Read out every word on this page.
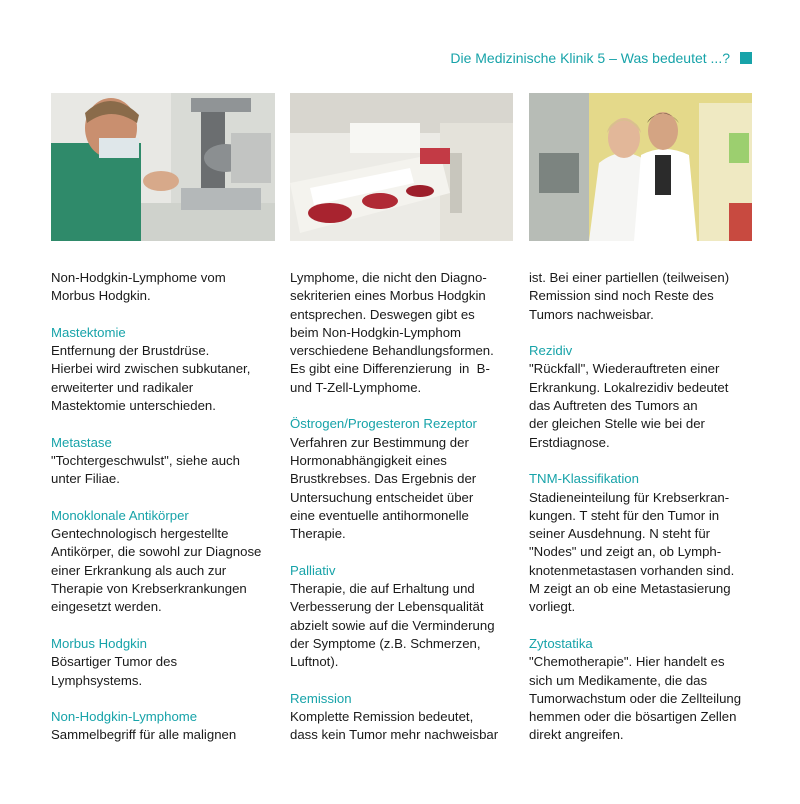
Die Medizinische Klinik 5 – Was bedeutet ...?

Non-Hodgkin-Lymphome vom

Morbus Hodgkin.

Mastektomie

Entfernung der Brustdrüse.

Hierbei wird zwischen subkutaner,

erweiterter und radikaler

Mastektomie unterschieden.

Metastase

"Tochtergeschwulst", siehe auch

unter Filiae.

Monoklonale Antikörper

Gentechnologisch hergestellte

Antikörper, die sowohl zur Diagnose

einer Erkrankung als auch zur

Therapie von Krebserkrankungen

eingesetzt werden.

Morbus Hodgkin

Bösartiger Tumor des

Lymphsystems.

Non-Hodgkin-Lymphome

Sammelbegriff für alle malignen

Lymphome, die nicht den Diagno-

sekriterien eines Morbus Hodgkin

entsprechen. Deswegen gibt es

beim Non-Hodgkin-Lymphom

verschiedene Behandlungsformen.

Es gibt eine Differenzierung  in  B-

und T-Zell-Lymphome.

Östrogen/Progesteron Rezeptor

Verfahren zur Bestimmung der

Hormonabhängigkeit eines

Brustkrebses. Das Ergebnis der

Untersuchung entscheidet über

eine eventuelle antihormonelle

Therapie.

Palliativ

Therapie, die auf Erhaltung und

Verbesserung der Lebensqualität

abzielt sowie auf die Verminderung

der Symptome (z.B. Schmerzen,

Luftnot).

Remission

Komplette Remission bedeutet,

dass kein Tumor mehr nachweisbar

ist. Bei einer partiellen (teilweisen)

Remission sind noch Reste des

Tumors nachweisbar.

Rezidiv

"Rückfall", Wiederauftreten einer

Erkrankung. Lokalrezidiv bedeutet

das Auftreten des Tumors an

der gleichen Stelle wie bei der

Erstdiagnose.

TNM-Klassifikation

Stadieneinteilung für Krebserkran-

kungen. T steht für den Tumor in

seiner Ausdehnung. N steht für

"Nodes" und zeigt an, ob Lymph-

knotenmetastasen vorhanden sind.

M zeigt an ob eine Metastasierung

vorliegt.

Zytostatika

"Chemotherapie". Hier handelt es

sich um Medikamente, die das

Tumorwachstum oder die Zellteilung

hemmen oder die bösartigen Zellen

direkt angreifen.
